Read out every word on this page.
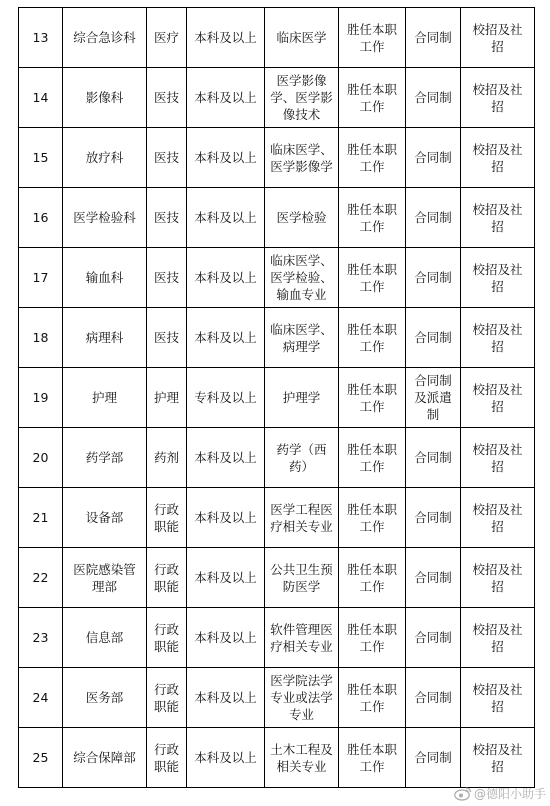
13	综合急诊科	医疗	本科及以上	临床医学	胜任本职工作	合同制	校招及社招
14	影像科	医技	本科及以上	医学影像学、医学影像技术	胜任本职工作	合同制	校招及社招
15	放疗科	医技	本科及以上	临床医学、医学影像学	胜任本职工作	合同制	校招及社招
16	医学检验科	医技	本科及以上	医学检验	胜任本职工作	合同制	校招及社招
17	输血科	医技	本科及以上	临床医学、医学检验、输血专业	胜任本职工作	合同制	校招及社招
18	病理科	医技	本科及以上	临床医学、病理学	胜任本职工作	合同制	校招及社招
19	护理	护理	专科及以上	护理学	胜任本职工作	合同制及派遣制	校招及社招
20	药学部	药剂	本科及以上	药学（西药）	胜任本职工作	合同制	校招及社招
21	设备部	行政职能	本科及以上	医学工程医疗相关专业	胜任本职工作	合同制	校招及社招
22	医院感染管理部	行政职能	本科及以上	公共卫生预防医学	胜任本职工作	合同制	校招及社招
23	信息部	行政职能	本科及以上	软件管理医疗相关专业	胜任本职工作	合同制	校招及社招
24	医务部	行政职能	本科及以上	医学院法学专业或法学专业	胜任本职工作	合同制	校招及社招
25	综合保障部	行政职能	本科及以上	土木工程及相关专业	胜任本职工作	合同制	校招及社招
@德阳小助手
